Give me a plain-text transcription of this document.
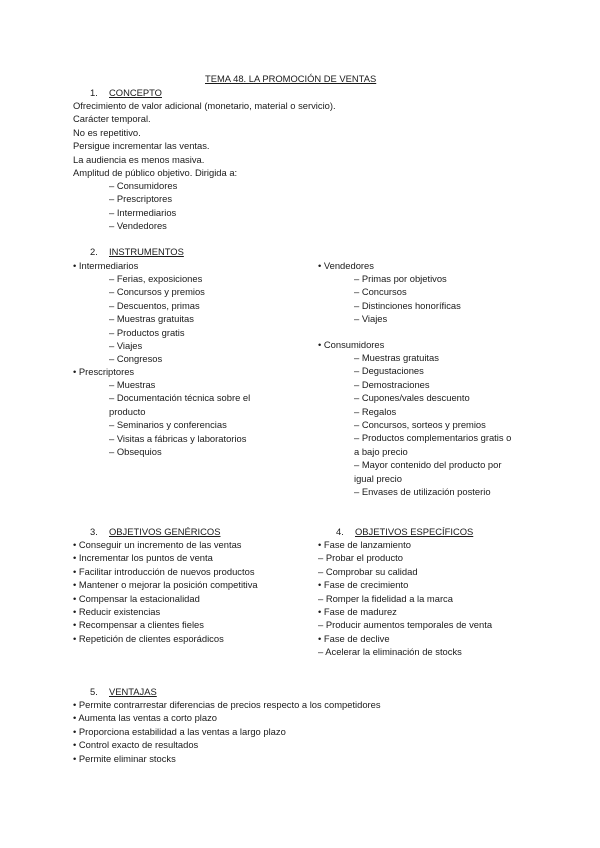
TEMA 48. LA PROMOCIÓN DE VENTAS
1. CONCEPTO
Ofrecimiento de valor adicional (monetario, material o servicio).
Carácter temporal.
No es repetitivo.
Persigue incrementar las ventas.
La audiencia es menos masiva.
Amplitud de público objetivo. Dirigida a:
– Consumidores
– Prescriptores
– Intermediarios
– Vendedores
2. INSTRUMENTOS
• Intermediarios
– Ferias, exposiciones
– Concursos y premios
– Descuentos, primas
– Muestras gratuitas
– Productos gratis
– Viajes
– Congresos
• Prescriptores
– Muestras
– Documentación técnica sobre el
producto
– Seminarios y conferencias
– Visitas a fábricas y laboratorios
– Obsequios
• Vendedores
– Primas por objetivos
– Concursos
– Distinciones honoríficas
– Viajes
• Consumidores
– Muestras gratuitas
– Degustaciones
– Demostraciones
– Cupones/vales descuento
– Regalos
– Concursos, sorteos y premios
– Productos complementarios gratis o
a bajo precio
– Mayor contenido del producto por
igual precio
– Envases de utilización posterio
3. OBJETIVOS GENÉRICOS
• Conseguir un incremento de las ventas
• Incrementar los puntos de venta
• Facilitar introducción de nuevos productos
• Mantener o mejorar la posición competitiva
• Compensar la estacionalidad
• Reducir existencias
• Recompensar a clientes fieles
• Repetición de clientes esporádicos
4. OBJETIVOS ESPECÍFICOS
• Fase de lanzamiento
– Probar el producto
– Comprobar su calidad
• Fase de crecimiento
– Romper la fidelidad a la marca
• Fase de madurez
– Producir aumentos temporales de venta
• Fase de declive
– Acelerar la eliminación de stocks
5. VENTAJAS
• Permite contrarrestar diferencias de precios respecto a los competidores
• Aumenta las ventas a corto plazo
• Proporciona estabilidad a las ventas a largo plazo
• Control exacto de resultados
• Permite eliminar stocks
